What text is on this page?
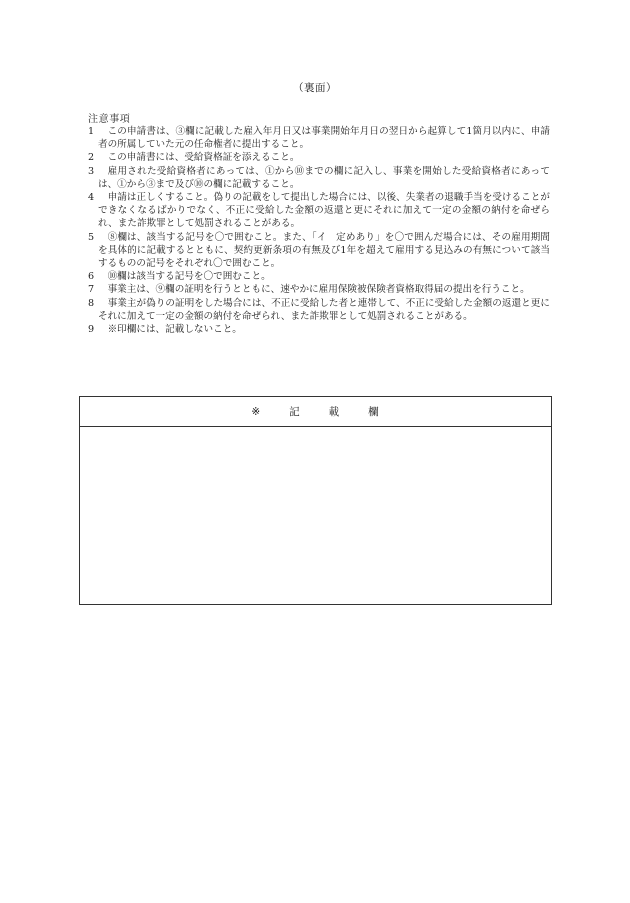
（裏面）
注意事項
1	この申請書は、③欄に記載した雇入年月日又は事業開始年月日の翌日から起算して1箇月以内に、申請者の所属していた元の任命権者に提出すること。
2	この申請書には、受給資格証を添えること。
3	雇用された受給資格者にあっては、①から⑩までの欄に記入し、事業を開始した受給資格者にあっては、①から③まで及び⑩の欄に記載すること。
4	申請は正しくすること。偽りの記載をして提出した場合には、以後、失業者の退職手当を受けることができなくなるばかりでなく、不正に受給した金額の返還と更にそれに加えて一定の金額の納付を命ぜられ、また詐欺罪として処罰されることがある。
5	⑧欄は、該当する記号を〇で囲むこと。また、「イ　定めあり」を〇で囲んだ場合には、その雇用期間を具体的に記載するとともに、契約更新条項の有無及び1年を超えて雇用する見込みの有無について該当するものの記号をそれぞれ〇で囲むこと。
6	⑩欄は該当する記号を〇で囲むこと。
7	事業主は、⑨欄の証明を行うとともに、速やかに雇用保険被保険者資格取得届の提出を行うこと。
8	事業主が偽りの証明をした場合には、不正に受給した者と連帯して、不正に受給した金額の返還と更にそれに加えて一定の金額の納付を命ぜられ、また詐欺罪として処罰されることがある。
9	※印欄には、記載しないこと。
※	記	載	欄
